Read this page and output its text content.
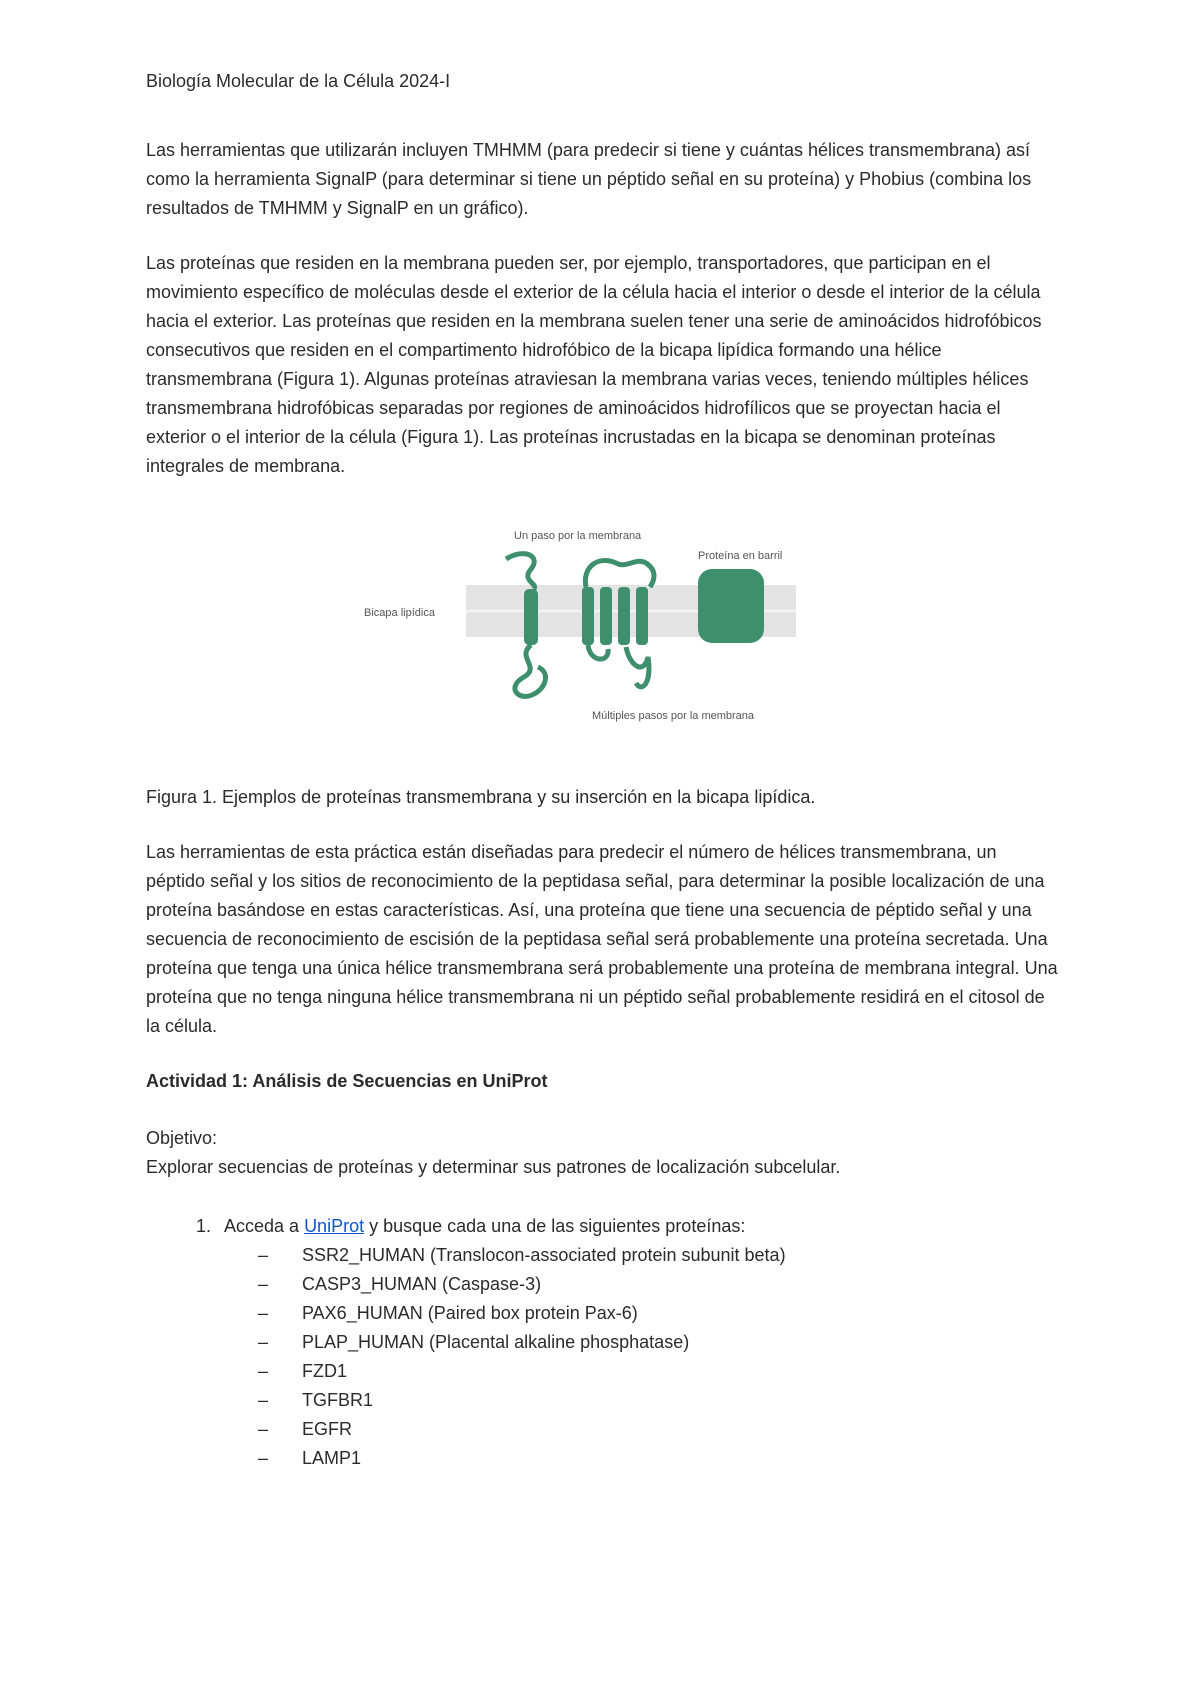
Biología Molecular de la Célula 2024-I

Las herramientas que utilizarán incluyen TMHMM (para predecir si tiene y cuántas hélices transmembrana) así como la herramienta SignalP (para determinar si tiene un péptido señal en su proteína) y Phobius (combina los resultados de TMHMM y SignalP en un gráfico).

Las proteínas que residen en la membrana pueden ser, por ejemplo, transportadores, que participan en el movimiento específico de moléculas desde el exterior de la célula hacia el interior o desde el interior de la célula hacia el exterior. Las proteínas que residen en la membrana suelen tener una serie de aminoácidos hidrofóbicos consecutivos que residen en el compartimento hidrofóbico de la bicapa lipídica formando una hélice transmembrana (Figura 1). Algunas proteínas atraviesan la membrana varias veces, teniendo múltiples hélices transmembrana hidrofóbicas separadas por regiones de aminoácidos hidrofílicos que se proyectan hacia el exterior o el interior de la célula (Figura 1). Las proteínas incrustadas en la bicapa se denominan proteínas integrales de membrana.

Un paso por la membrana
Bicapa lipídica
Proteína en barril
Múltiples pasos por la membrana

Figura 1. Ejemplos de proteínas transmembrana y su inserción en la bicapa lipídica.

Las herramientas de esta práctica están diseñadas para predecir el número de hélices transmembrana, un péptido señal y los sitios de reconocimiento de la peptidasa señal, para determinar la posible localización de una proteína basándose en estas características. Así, una proteína que tiene una secuencia de péptido señal y una secuencia de reconocimiento de escisión de la peptidasa señal será probablemente una proteína secretada. Una proteína que tenga una única hélice transmembrana será probablemente una proteína de membrana integral. Una proteína que no tenga ninguna hélice transmembrana ni un péptido señal probablemente residirá en el citosol de la célula.

Actividad 1: Análisis de Secuencias en UniProt

Objetivo:

Explorar secuencias de proteínas y determinar sus patrones de localización subcelular.

1. Acceda a UniProt y busque cada una de las siguientes proteínas:
– SSR2_HUMAN (Translocon-associated protein subunit beta)
– CASP3_HUMAN (Caspase-3)
– PAX6_HUMAN (Paired box protein Pax-6)
– PLAP_HUMAN (Placental alkaline phosphatase)
– FZD1
– TGFBR1
– EGFR
– LAMP1
